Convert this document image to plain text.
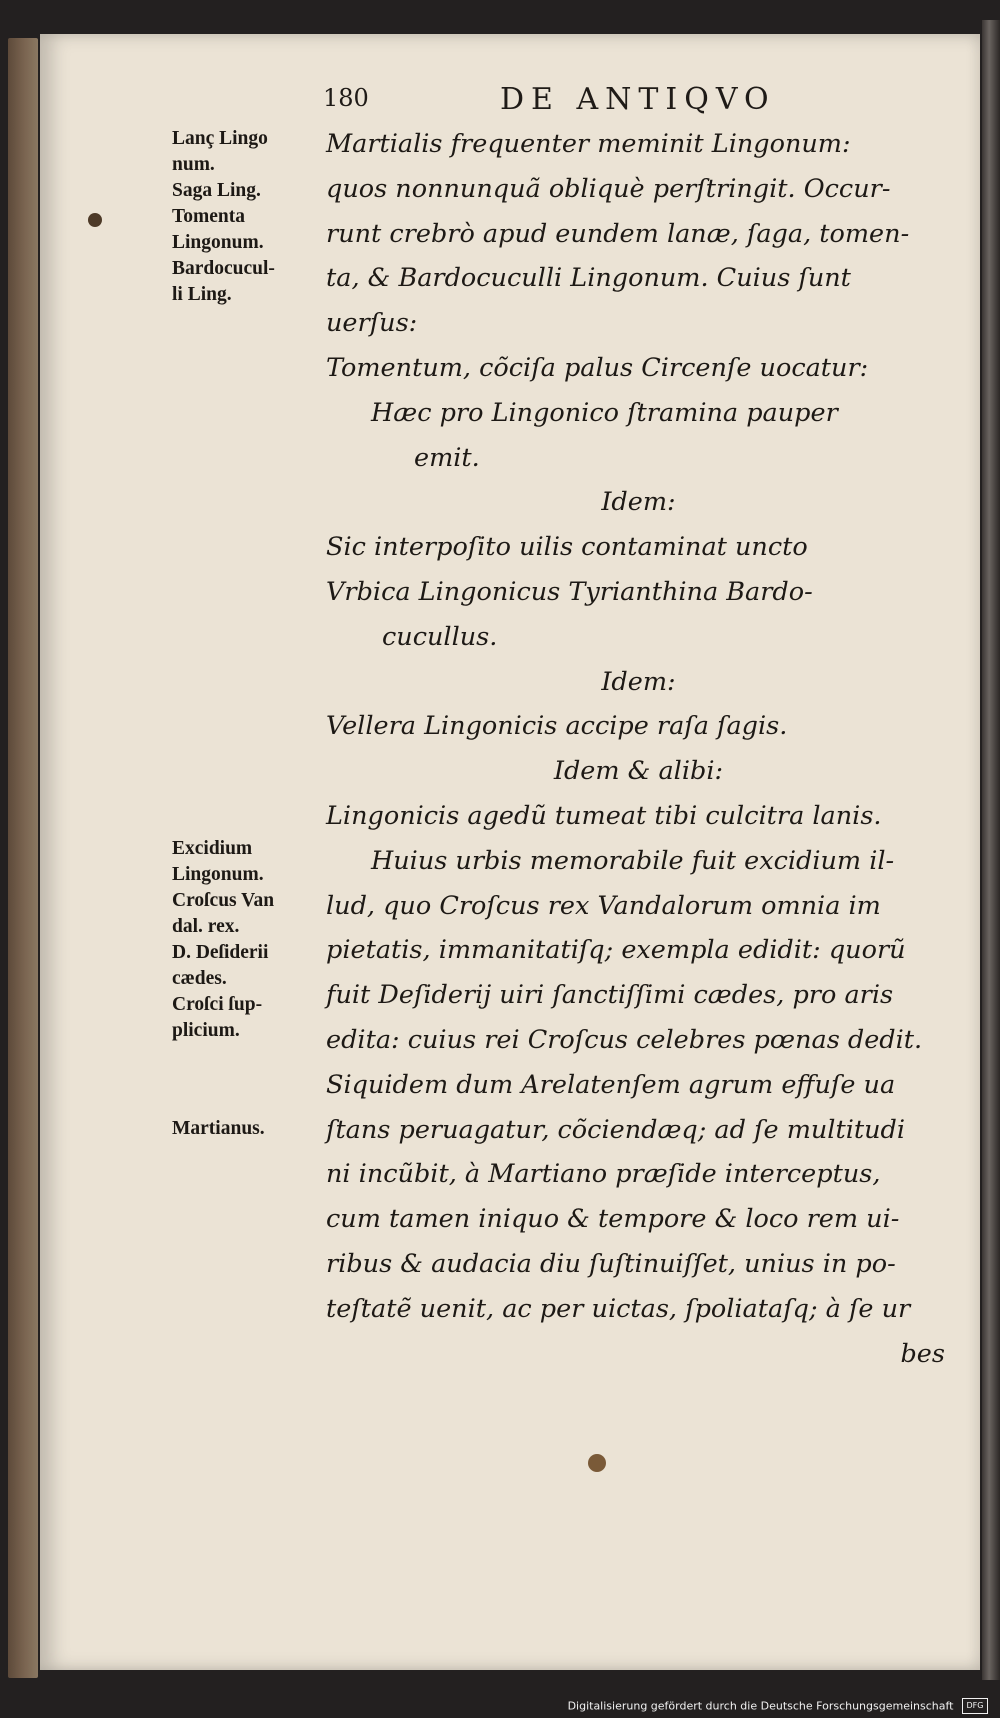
180	DE ANTIQVO
Lanç Lingo
num.
Saga Ling.
Tomenta
Lingonum.
Bardocucul-
li Ling.
Excidium
Lingonum.
Croſcus Van
dal. rex.
D. Deſiderii
cædes.
Croſci ſup-
plicium.
Martianus.
Martialis frequenter meminit Lingonum:
quos nonnunquã obliquè perſtringit. Occur-
runt crebrò apud eundem lanæ, ſaga, tomen-
ta, & Bardocuculli Lingonum. Cuius ſunt
uerſus:
Tomentum, cõciſa palus Circenſe uocatur:
Hæc pro Lingonico ſtramina pauper
emit.
Idem:
Sic interpoſito uilis contaminat uncto
Vrbica Lingonicus Tyrianthina Bardo-
cucullus.
Idem:
Vellera Lingonicis accipe raſa ſagis.
Idem & alibi:
Lingonicis agedũ tumeat tibi culcitra lanis.
Huius urbis memorabile fuit excidium il-
lud, quo Croſcus rex Vandalorum omnia im
pietatis, immanitatiſq; exempla edidit: quorũ
fuit Deſiderij uiri ſanctiſſimi cædes, pro aris
edita: cuius rei Croſcus celebres pœnas dedit.
Siquidem dum Arelatenſem agrum effuſe ua
ſtans peruagatur, cõciendæq; ad ſe multitudi
ni incũbit, à Martiano præſide interceptus,
cum tamen iniquo & tempore & loco rem ui-
ribus & audacia diu ſuſtinuiſſet, unius in po-
teſtatẽ uenit, ac per uictas, ſpoliataſq; à ſe ur
bes
Digitalisierung gefördert durch die Deutsche Forschungsgemeinschaft DFG
